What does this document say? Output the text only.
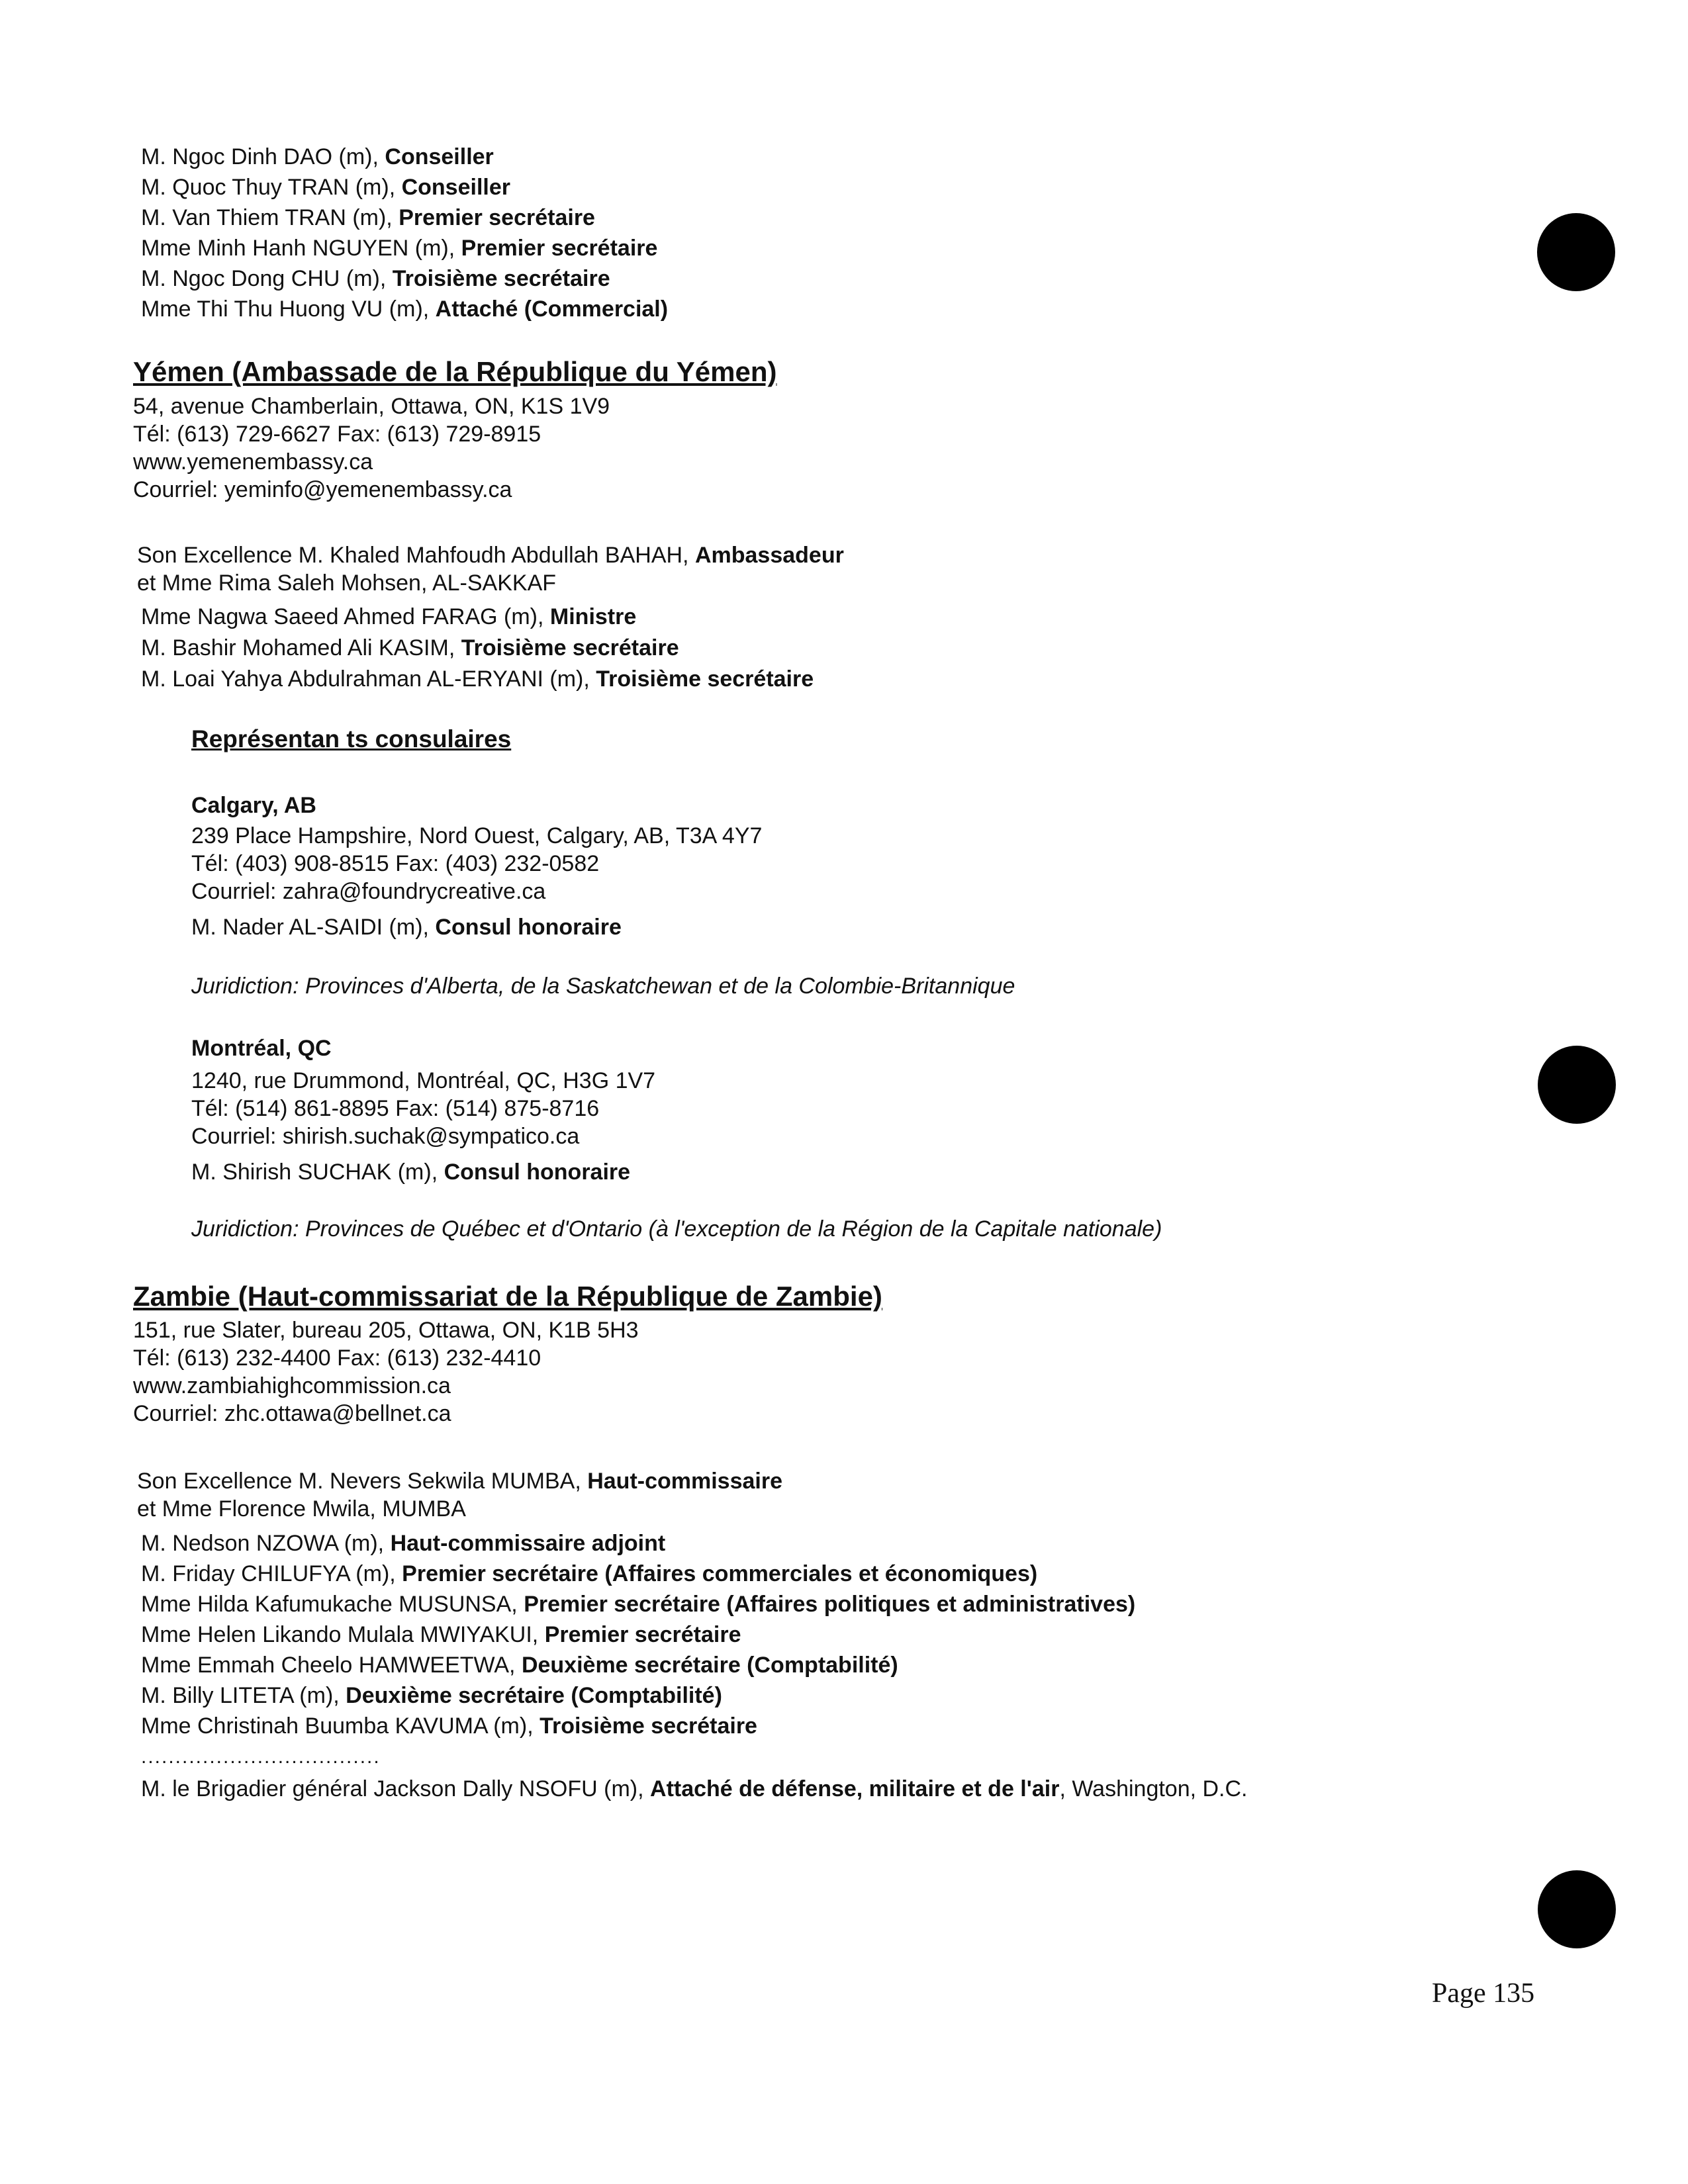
M. Ngoc Dinh DAO (m), Conseiller
M. Quoc Thuy TRAN (m), Conseiller
M. Van Thiem TRAN (m), Premier secrétaire
Mme Minh Hanh NGUYEN (m), Premier secrétaire
M. Ngoc Dong CHU (m), Troisième secrétaire
Mme Thi Thu Huong VU (m), Attaché (Commercial)
Yémen (Ambassade de la République du Yémen)
54, avenue Chamberlain, Ottawa, ON, K1S 1V9
Tél: (613) 729-6627 Fax: (613) 729-8915
www.yemenembassy.ca
Courriel: yeminfo@yemenembassy.ca
Son Excellence M. Khaled Mahfoudh Abdullah BAHAH, Ambassadeur
et Mme Rima Saleh Mohsen, AL-SAKKAF
Mme Nagwa Saeed Ahmed FARAG (m), Ministre
M. Bashir Mohamed Ali KASIM, Troisième secrétaire
M. Loai Yahya Abdulrahman AL-ERYANI (m), Troisième secrétaire
Représentan ts consulaires
Calgary, AB
239 Place Hampshire, Nord Ouest, Calgary, AB, T3A 4Y7
Tél: (403) 908-8515 Fax: (403) 232-0582
Courriel: zahra@foundrycreative.ca
M. Nader AL-SAIDI (m), Consul honoraire
Juridiction: Provinces d'Alberta, de la Saskatchewan et de la Colombie-Britannique
Montréal, QC
1240, rue Drummond, Montréal, QC, H3G 1V7
Tél: (514) 861-8895 Fax: (514) 875-8716
Courriel: shirish.suchak@sympatico.ca
M. Shirish SUCHAK (m), Consul honoraire
Juridiction: Provinces de Québec et d'Ontario (à l'exception de la Région de la Capitale nationale)
Zambie (Haut-commissariat de la République de Zambie)
151, rue Slater, bureau 205, Ottawa, ON, K1B 5H3
Tél: (613) 232-4400 Fax: (613) 232-4410
www.zambiahighcommission.ca
Courriel: zhc.ottawa@bellnet.ca
Son Excellence M. Nevers Sekwila MUMBA, Haut-commissaire
et Mme Florence Mwila, MUMBA
M. Nedson NZOWA (m), Haut-commissaire adjoint
M. Friday CHILUFYA (m), Premier secrétaire (Affaires commerciales et économiques)
Mme Hilda Kafumukache MUSUNSA, Premier secrétaire (Affaires politiques et administratives)
Mme Helen Likando Mulala MWIYAKUI, Premier secrétaire
Mme Emmah Cheelo HAMWEETWA, Deuxième secrétaire (Comptabilité)
M. Billy LITETA (m), Deuxième secrétaire (Comptabilité)
Mme Christinah Buumba KAVUMA (m), Troisième secrétaire
...................................
M. le Brigadier général Jackson Dally NSOFU (m), Attaché de défense, militaire et de l'air, Washington, D.C.
Page 135
